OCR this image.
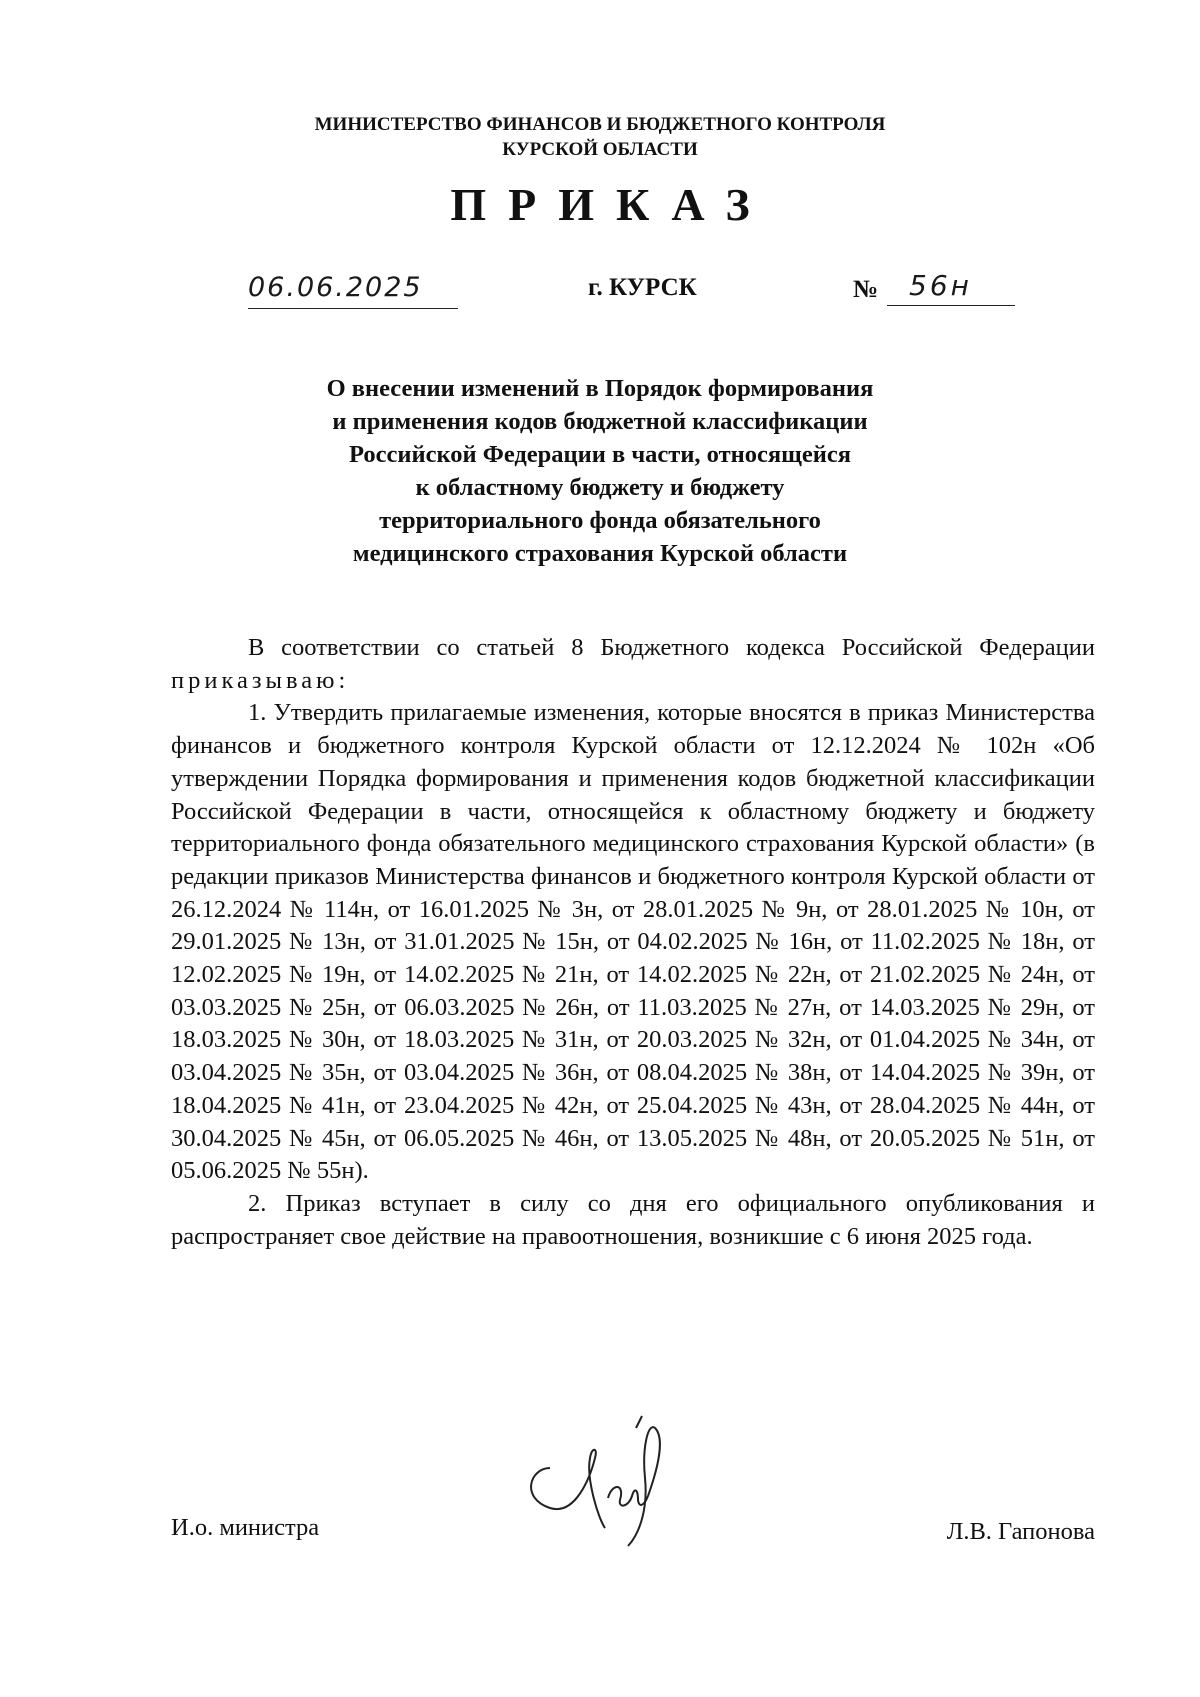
МИНИСТЕРСТВО ФИНАНСОВ И БЮДЖЕТНОГО КОНТРОЛЯ
КУРСКОЙ ОБЛАСТИ
ПРИКАЗ
06.06.2025	г. КУРСК	№	56н
О внесении изменений в Порядок формирования
и применения кодов бюджетной классификации
Российской Федерации в части, относящейся
к областному бюджету и бюджету
территориального фонда обязательного
медицинского страхования Курской области

В соответствии со статьей 8 Бюджетного кодекса Российской Федерации приказываю:

1. Утвердить прилагаемые изменения, которые вносятся в приказ Министерства финансов и бюджетного контроля Курской области от 12.12.2024 № 102н «Об утверждении Порядка формирования и применения кодов бюджетной классификации Российской Федерации в части, относящейся к областному бюджету и бюджету территориального фонда обязательного медицинского страхования Курской области» (в редакции приказов Министерства финансов и бюджетного контроля Курской области от 26.12.2024 № 114н, от 16.01.2025 № 3н, от 28.01.2025 № 9н, от 28.01.2025 № 10н, от 29.01.2025 № 13н, от 31.01.2025 № 15н, от 04.02.2025 № 16н, от 11.02.2025 № 18н, от 12.02.2025 № 19н, от 14.02.2025 № 21н, от 14.02.2025 № 22н, от 21.02.2025 № 24н, от 03.03.2025 № 25н, от 06.03.2025 № 26н, от 11.03.2025 № 27н, от 14.03.2025 № 29н, от 18.03.2025 № 30н, от 18.03.2025 № 31н, от 20.03.2025 № 32н, от 01.04.2025 № 34н, от 03.04.2025 № 35н, от 03.04.2025 № 36н, от 08.04.2025 № 38н, от 14.04.2025 № 39н, от 18.04.2025 № 41н, от 23.04.2025 № 42н, от 25.04.2025 № 43н, от 28.04.2025 № 44н, от 30.04.2025 № 45н, от 06.05.2025 № 46н, от 13.05.2025 № 48н, от 20.05.2025 № 51н, от 05.06.2025 № 55н).

2. Приказ вступает в силу со дня его официального опубликования и распространяет свое действие на правоотношения, возникшие с 6 июня 2025 года.

И.о. министра	Л.В. Гапонова
